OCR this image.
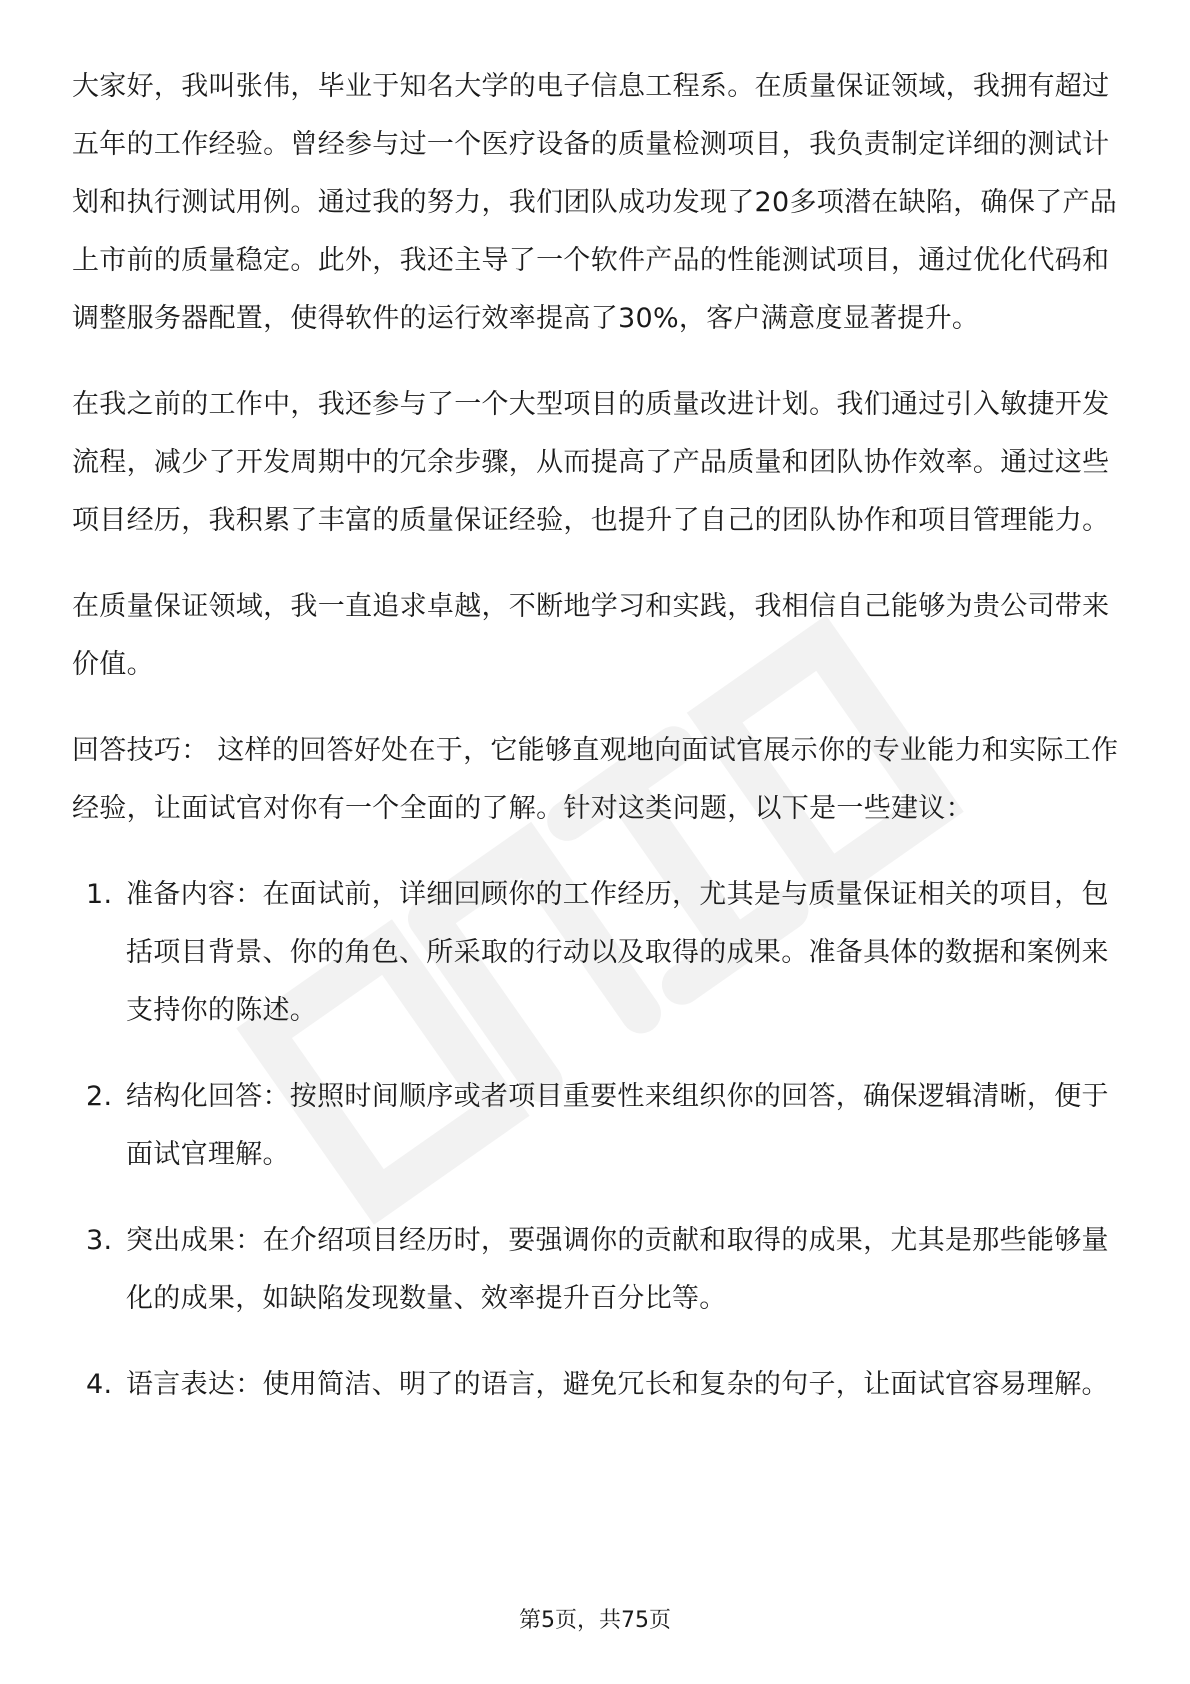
大家好，我叫张伟，毕业于知名大学的电子信息工程系。在质量保证领域，我拥有超过五年的工作经验。曾经参与过一个医疗设备的质量检测项目，我负责制定详细的测试计划和执行测试用例。通过我的努力，我们团队成功发现了20多项潜在缺陷，确保了产品上市前的质量稳定。此外，我还主导了一个软件产品的性能测试项目，通过优化代码和调整服务器配置，使得软件的运行效率提高了30%，客户满意度显著提升。

在我之前的工作中，我还参与了一个大型项目的质量改进计划。我们通过引入敏捷开发流程，减少了开发周期中的冗余步骤，从而提高了产品质量和团队协作效率。通过这些项目经历，我积累了丰富的质量保证经验，也提升了自己的团队协作和项目管理能力。

在质量保证领域，我一直追求卓越，不断地学习和实践，我相信自己能够为贵公司带来价值。

回答技巧： 这样的回答好处在于，它能够直观地向面试官展示你的专业能力和实际工作经验，让面试官对你有一个全面的了解。针对这类问题，以下是一些建议：

1. 准备内容：在面试前，详细回顾你的工作经历，尤其是与质量保证相关的项目，包括项目背景、你的角色、所采取的行动以及取得的成果。准备具体的数据和案例来支持你的陈述。
2. 结构化回答：按照时间顺序或者项目重要性来组织你的回答，确保逻辑清晰，便于面试官理解。
3. 突出成果：在介绍项目经历时，要强调你的贡献和取得的成果，尤其是那些能够量化的成果，如缺陷发现数量、效率提升百分比等。
4. 语言表达：使用简洁、明了的语言，避免冗长和复杂的句子，让面试官容易理解。
第5页，共75页
